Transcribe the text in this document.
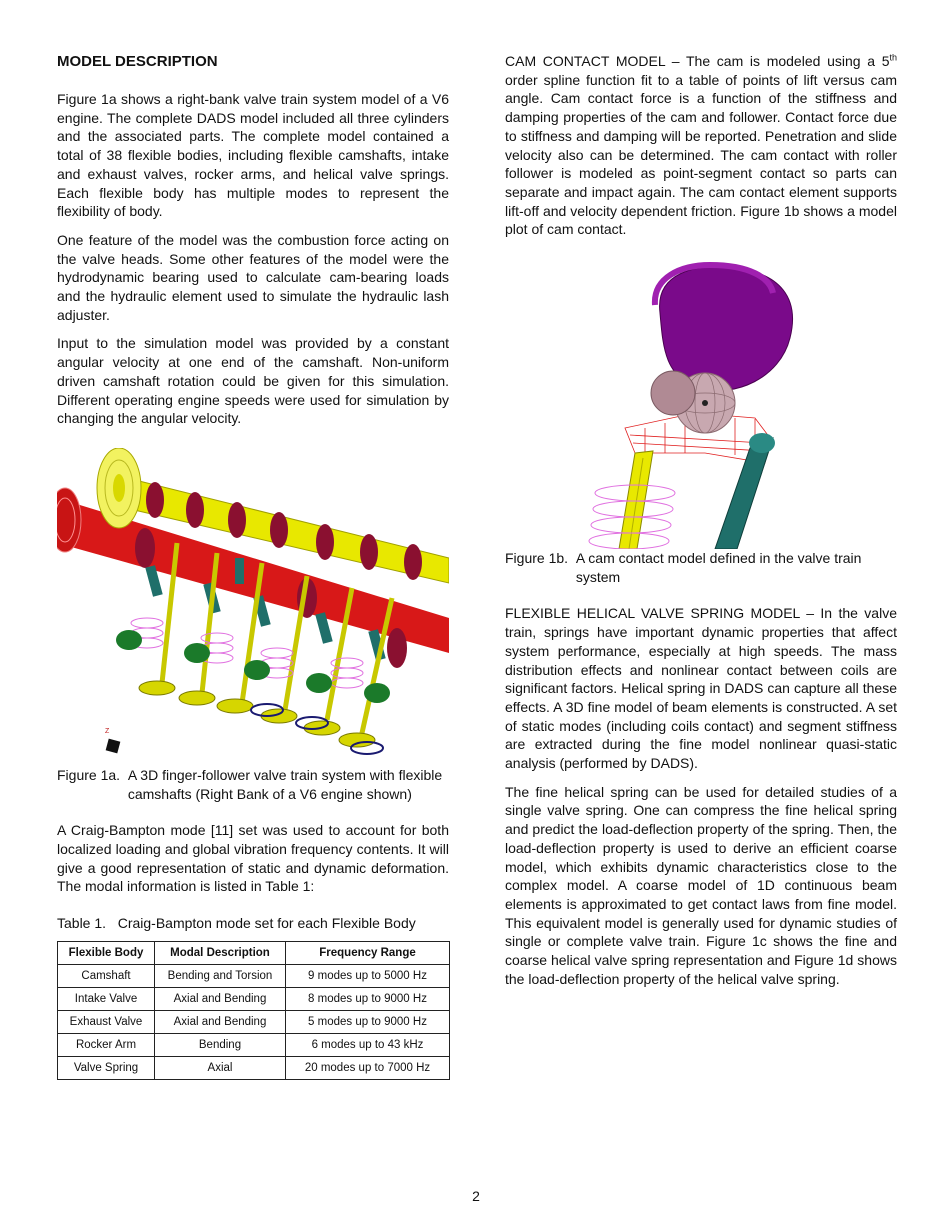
MODEL DESCRIPTION

Figure 1a shows a right-bank valve train system model of a V6 engine. The complete DADS model included all three cylinders and the associated parts. The complete model contained a total of 38 flexible bodies, including flexible camshafts, intake and exhaust valves, rocker arms, and helical valve springs. Each flexible body has multiple modes to represent the flexibility of body.

One feature of the model was the combustion force acting on the valve heads. Some other features of the model were the hydrodynamic bearing used to calculate cam-bearing loads and the hydraulic element used to simulate the hydraulic lash adjuster.

Input to the simulation model was provided by a constant angular velocity at one end of the camshaft. Non-uniform driven camshaft rotation could be given for this simulation. Different operating engine speeds were used for simulation by changing the angular velocity.

Z
Figure 1a. A 3D finger-follower valve train system with flexible camshafts (Right Bank of a V6 engine shown)

A Craig-Bampton mode [11] set was used to account for both localized loading and global vibration frequency contents. It will give a good representation of static and dynamic deformation. The modal information is listed in Table 1:

Table 1. Craig-Bampton mode set for each Flexible Body
Flexible Body	Modal Description	Frequency Range
Camshaft	Bending and Torsion	9 modes up to 5000 Hz
Intake Valve	Axial and Bending	8 modes up to 9000 Hz
Exhaust Valve	Axial and Bending	5 modes up to 9000 Hz
Rocker Arm	Bending	6 modes up to 43 kHz
Valve Spring	Axial	20 modes up to 7000 Hz

CAM CONTACT MODEL – The cam is modeled using a 5th order spline function fit to a table of points of lift versus cam angle. Cam contact force is a function of the stiffness and damping properties of the cam and follower. Contact force due to stiffness and damping will be reported. Penetration and slide velocity also can be determined. The cam contact with roller follower is modeled as point-segment contact so parts can separate and impact again. The cam contact element supports lift-off and velocity dependent friction. Figure 1b shows a model plot of cam contact.

Figure 1b. A cam contact model defined in the valve train system

FLEXIBLE HELICAL VALVE SPRING MODEL – In the valve train, springs have important dynamic properties that affect system performance, especially at high speeds. The mass distribution effects and nonlinear contact between coils are significant factors. Helical spring in DADS can capture all these effects. A 3D fine model of beam elements is constructed. A set of static modes (including coils contact) and segment stiffness are extracted during the fine model nonlinear quasi-static analysis (performed by DADS).

The fine helical spring can be used for detailed studies of a single valve spring. One can compress the fine helical spring and predict the load-deflection property of the spring. Then, the load-deflection property is used to derive an efficient coarse model, which exhibits dynamic characteristics close to the complex model. A coarse model of 1D continuous beam elements is approximated to get contact laws from fine model. This equivalent model is generally used for dynamic studies of single or complete valve train. Figure 1c shows the fine and coarse helical valve spring representation and Figure 1d shows the load-deflection property of the helical valve spring.

2
